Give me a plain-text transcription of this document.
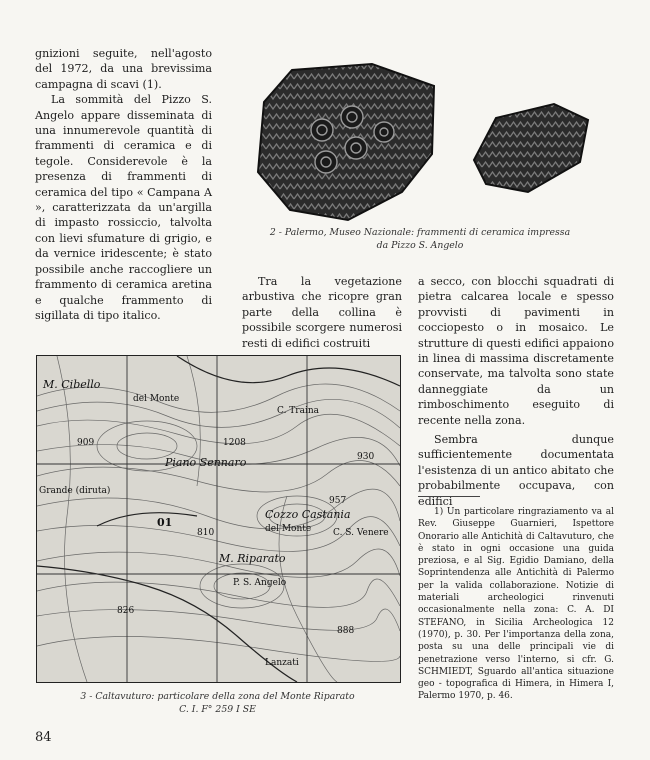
gnizioni seguite, nell'agosto del 1972, da una brevissima campagna di scavi (1).

La sommità del Pizzo S. Angelo appare disseminata di una innumerevole quantità di frammenti di ceramica e di tegole. Considerevole è la presenza di frammenti di ceramica del tipo « Campana A », caratterizzata da un'argilla di impasto rossiccio, talvolta con lievi sfumature di grigio, e da vernice iridescente; è stato possibile anche raccogliere un frammento di ceramica aretina e qualche frammento di sigillata di tipo italico.

2 - Palermo, Museo Nazionale: frammenti di ceramica impressa
da Pizzo S. Angelo

Tra la vegetazione arbustiva che ricopre gran parte della collina è possibile scorgere numerosi resti di edifici costruiti

a secco, con blocchi squadrati di pietra calcarea locale e spesso provvisti di pavimenti in cocciopesto o in mosaico. Le strutture di questi edifici appaiono in linea di massima discretamente conservate, ma talvolta sono state danneggiate da un rimboschimento eseguito di recente nella zona.

Sembra dunque sufficientemente documentata l'esistenza di un antico abitato che probabilmente occupava, con edifici

1) Un particolare ringraziamento va al Rev. Giuseppe Guarnieri, Ispettore Onorario alle Antichità di Caltavuturo, che è stato in ogni occasione una guida preziosa, e al Sig. Egidio Damiano, della Soprintendenza alle Antichità di Palermo per la valida collaborazione. Notizie di materiali archeologici rinvenuti occasionalmente nella zona: C. A. DI STEFANO, in Sicilia Archeologica 12 (1970), p. 30. Per l'importanza della zona, posta su una delle principali vie di penetrazione verso l'interno, si cfr. G. SCHMIEDT, Sguardo all'antica situazione geo - topografica di Himera, in Himera I, Palermo 1970, p. 46.

M. Cibello
del Monte
C. Traina
Piano Sennaro
Grande (diruta)
Cozzo Castania
C. S. Venere
del Monte
M. Riparato
P. S. Angelo
Lanzati
01
1208
909
957
810
826
930
888
3 - Caltavuturo: particolare della zona del Monte Riparato
C. I. F° 259 I SE
84
